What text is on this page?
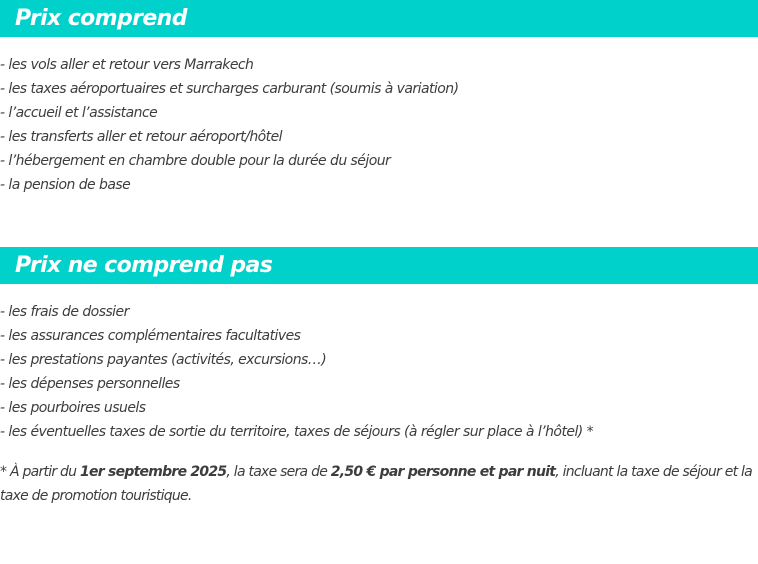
Prix comprend
- les vols aller et retour vers Marrakech
- les taxes aéroportuaires et surcharges carburant (soumis à variation)
- l’accueil et l’assistance
- les transferts aller et retour aéroport/hôtel
- l’hébergement en chambre double pour la durée du séjour
- la pension de base
Prix ne comprend pas
- les frais de dossier
- les assurances complémentaires facultatives
- les prestations payantes (activités, excursions…)
- les dépenses personnelles
- les pourboires usuels
- les éventuelles taxes de sortie du territoire, taxes de séjours (à régler sur place à l’hôtel) *

* À partir du 1er septembre 2025, la taxe sera de 2,50 € par personne et par nuit, incluant la taxe de séjour et la taxe de promotion touristique.
